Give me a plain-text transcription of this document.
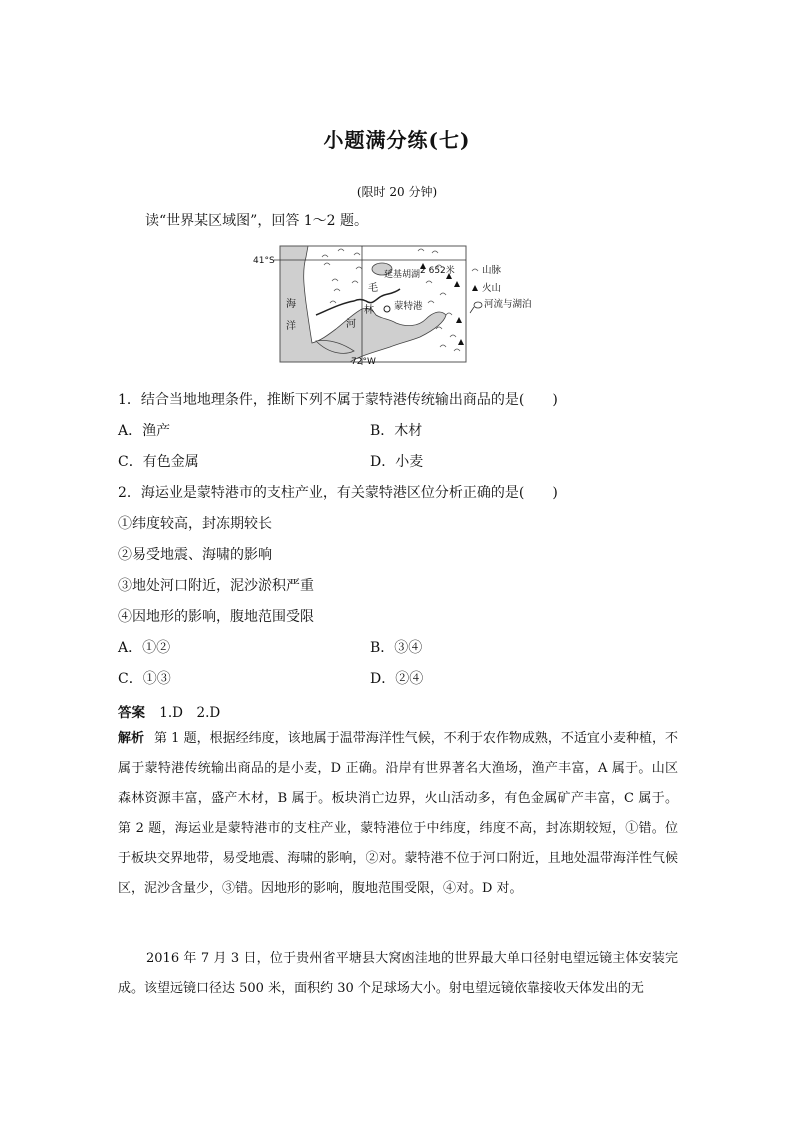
小题满分练(七)
(限时 20 分钟)
读“世界某区域图”，回答 1～2 题。
41°S
72°W
海
洋
毛
林
河
延基胡湖 2 652米
蒙特港
山脉
火山
河流与湖泊
1．结合当地地理条件，推断下列不属于蒙特港传统输出商品的是(　　)
A．渔产	B．木材
C．有色金属	D．小麦
2．海运业是蒙特港市的支柱产业，有关蒙特港区位分析正确的是(　　)
①纬度较高，封冻期较长
②易受地震、海啸的影响
③地处河口附近，泥沙淤积严重
④因地形的影响，腹地范围受限
A．①②	B．③④
C．①③	D．②④
答案 1.D　2.D

解析 第 1 题，根据经纬度，该地属于温带海洋性气候，不利于农作物成熟，不适宜小麦种植，不属于蒙特港传统输出商品的是小麦，D 正确。沿岸有世界著名大渔场，渔产丰富，A 属于。山区森林资源丰富，盛产木材，B 属于。板块消亡边界，火山活动多，有色金属矿产丰富，C 属于。第 2 题，海运业是蒙特港市的支柱产业，蒙特港位于中纬度，纬度不高，封冻期较短，①错。位于板块交界地带，易受地震、海啸的影响，②对。蒙特港不位于河口附近，且地处温带海洋性气候区，泥沙含量少，③错。因地形的影响，腹地范围受限，④对。D 对。

2016 年 7 月 3 日，位于贵州省平塘县大窝凼洼地的世界最大单口径射电望远镜主体安装完成。该望远镜口径达 500 米，面积约 30 个足球场大小。射电望远镜依靠接收天体发出的无
